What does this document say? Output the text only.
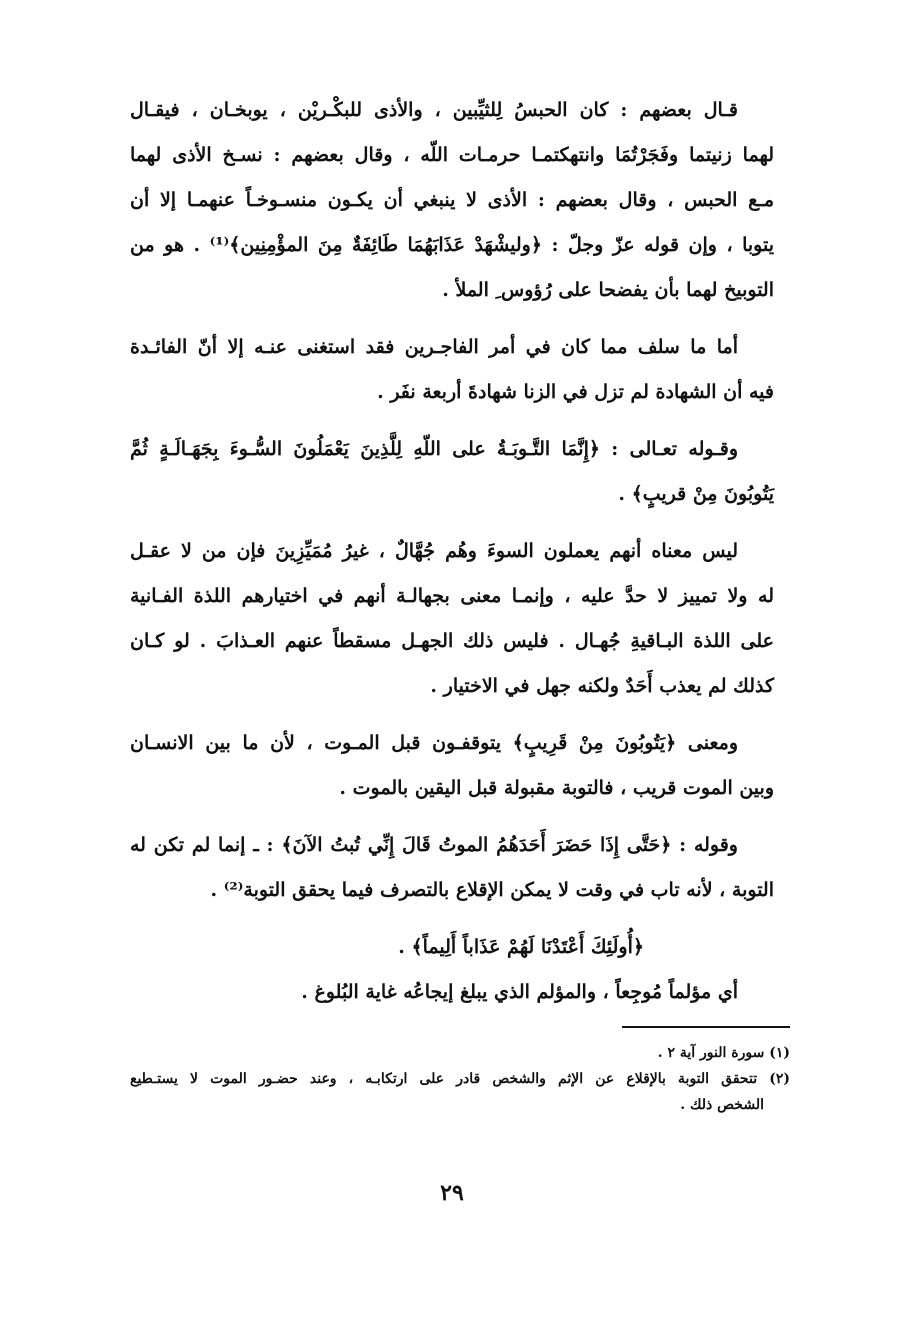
قـال بعضهم : كان الحبسُ لِلثيِّبين ، والأذى للبكْـريْن ، يوبخـان ، فيقـال
لهما زنيتما وفَجَرْتُمَا وانتهكتمـا حرمـات اللّه ، وقال بعضهم : نسـخ الأذى لهما
مـع الحبس ، وقال بعضهم : الأذى لا ينبغي أن يكـون منسـوخـاً عنهمـا إلا أن
يتوبا ، وإن قوله عزّ وجلّ : ﴿وليشْهَدْ عَذَابَهُمَا طَائِفَةٌ مِنَ المؤْمِنِين﴾⁽¹⁾ . هو من
التوبيخ لهما بأن يفضحا على رُؤوس ِ الملأ .

أما ما سلف مما كان في أمر الفاجـرين فقد استغنى عنـه إلا أنّ الفائـدة
فيه أن الشهادة لم تزل في الزنا شهادةَ أربعة نفَر .

وقـوله تعـالى : ﴿إِنَّمَا التَّـوبَـةُ على اللّهِ لِلَّذِينَ يَعْمَلُونَ السُّـوءَ بِجَهَـالَـةٍ ثُمَّ
يَتُوبُونَ مِنْ قريبٍ﴾ .

ليس معناه أنهم يعملون السوءَ وهُم جُهَّالٌ ، غيرُ مُمَيِّزِينَ فإن من لا عقـل
له ولا تمييز لا حدَّ عليه ، وإنمـا معنى بجهالـة أنهم في اختيارهم اللذة الفـانية
على اللذة البـاقيةِ جُهـال . فليس ذلك الجهـل مسقطاً عنهم العـذابَ . لو كـان
كذلك لم يعذب أَحَدٌ ولكنه جهل في الاختيار .

ومعنى ﴿يَتُوبُونَ مِنْ قَرِيبٍ﴾ يتوقفـون قبل المـوت ، لأن ما بين الانسـان
وبين الموت قريب ، فالتوبة مقبولة قبل اليقين بالموت .

وقوله : ﴿حَتَّى إِذَا حَضَرَ أَحَدَهُمُ الموتُ قَالَ إِنِّي تُبتُ الآنَ﴾ : ـ إنما لم تكن له
التوبة ، لأنه تاب في وقت لا يمكن الإقلاع بالتصرف فيما يحقق التوبة⁽²⁾ .

﴿أُولَئِكَ أَعْتَدْنَا لَهُمْ عَذَاباً أَلِيماً﴾ .
أي مؤلماً مُوجِعاً ، والمؤلم الذي يبلغ إيجاعُه غاية البُلوغ .

(١) سورة النور آية ٢ .
(٢) تتحقق التوبة بالإقلاع عن الإثم والشخص قادر على ارتكابـه ، وعند حضـور الموت لا يستـطيع
الشخص ذلك .
٢٩
